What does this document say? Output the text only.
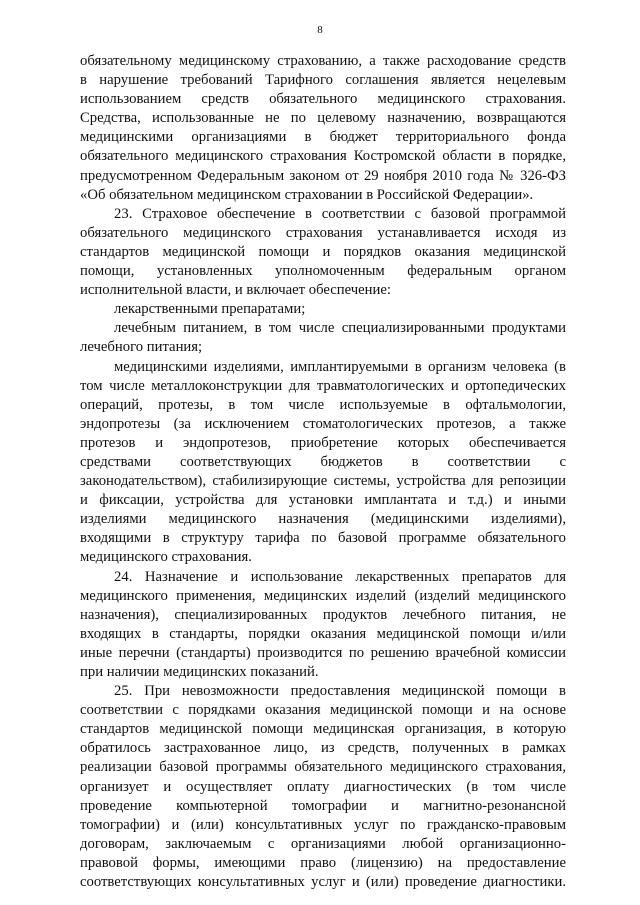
8
обязательному медицинскому страхованию, а также расходование средств
в нарушение требований Тарифного соглашения является нецелевым
использованием средств обязательного медицинского страхования.
Средства, использованные не по целевому назначению, возвращаются
медицинскими организациями в бюджет территориального фонда
обязательного медицинского страхования Костромской области в порядке,
предусмотренном Федеральным законом от 29 ноября 2010 года № 326-ФЗ
«Об обязательном медицинском страховании в Российской Федерации».
23. Страховое обеспечение в соответствии с базовой программой
обязательного медицинского страхования устанавливается исходя из
стандартов медицинской помощи и порядков оказания медицинской
помощи, установленных уполномоченным федеральным органом
исполнительной власти, и включает обеспечение:
лекарственными препаратами;
лечебным питанием, в том числе специализированными продуктами
лечебного питания;
медицинскими изделиями, имплантируемыми в организм человека (в
том числе металлоконструкции для травматологических и ортопедических
операций, протезы, в том числе используемые в офтальмологии,
эндопротезы (за исключением стоматологических протезов, а также
протезов и эндопротезов, приобретение которых обеспечивается
средствами соответствующих бюджетов в соответствии с
законодательством), стабилизирующие системы, устройства для репозиции
и фиксации, устройства для установки имплантата и т.д.) и иными
изделиями медицинского назначения (медицинскими изделиями),
входящими в структуру тарифа по базовой программе обязательного
медицинского страхования.
24. Назначение и использование лекарственных препаратов для
медицинского применения, медицинских изделий (изделий медицинского
назначения), специализированных продуктов лечебного питания, не
входящих в стандарты, порядки оказания медицинской помощи и/или
иные перечни (стандарты) производится по решению врачебной комиссии
при наличии медицинских показаний.
25. При невозможности предоставления медицинской помощи в
соответствии с порядками оказания медицинской помощи и на основе
стандартов медицинской помощи медицинская организация, в которую
обратилось застрахованное лицо, из средств, полученных в рамках
реализации базовой программы обязательного медицинского страхования,
организует и осуществляет оплату диагностических (в том числе
проведение компьютерной томографии и магнитно-резонансной
томографии) и (или) консультативных услуг по гражданско-правовым
договорам, заключаемым с организациями любой организационно-
правовой формы, имеющими право (лицензию) на предоставление
соответствующих консультативных услуг и (или) проведение диагностики.
